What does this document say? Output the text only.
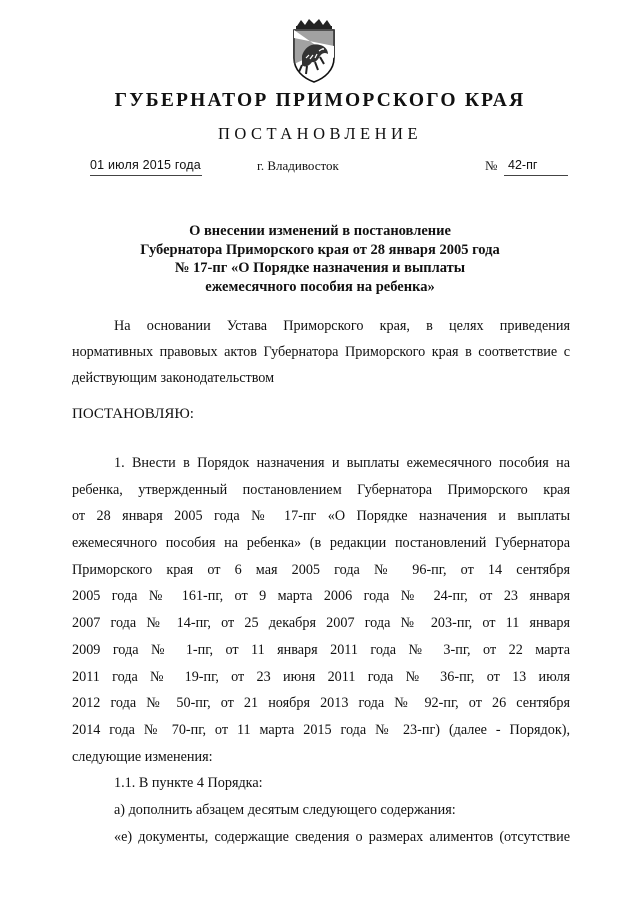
ГУБЕРНАТОР ПРИМОРСКОГО КРАЯ
ПОСТАНОВЛЕНИЕ
01 июля 2015 года	г. Владивосток	№ 42-пг
О внесении изменений в постановление
Губернатора Приморского края от 28 января 2005 года
№ 17-пг «О Порядке назначения и выплаты
ежемесячного пособия на ребенка»
На основании Устава Приморского края, в целях приведения
нормативных правовых актов Губернатора Приморского края в соответствие с
действующим законодательством
ПОСТАНОВЛЯЮ:
1. Внести в Порядок назначения и выплаты ежемесячного пособия на
ребенка, утвержденный постановлением Губернатора Приморского края
от 28 января 2005 года № 17-пг «О Порядке назначения и выплаты
ежемесячного пособия на ребенка» (в редакции постановлений Губернатора
Приморского края от 6 мая 2005 года № 96-пг, от 14 сентября
2005 года № 161-пг, от 9 марта 2006 года № 24-пг, от 23 января
2007 года № 14-пг, от 25 декабря 2007 года № 203-пг, от 11 января
2009 года № 1-пг, от 11 января 2011 года № 3-пг, от 22 марта
2011 года № 19-пг, от 23 июня 2011 года № 36-пг, от 13 июля
2012 года № 50-пг, от 21 ноября 2013 года № 92-пг, от 26 сентября
2014 года № 70-пг, от 11 марта 2015 года № 23-пг) (далее - Порядок),
следующие изменения:
1.1. В пункте 4 Порядка:
а) дополнить абзацем десятым следующего содержания:
«е) документы, содержащие сведения о размерах алиментов (отсутствие
